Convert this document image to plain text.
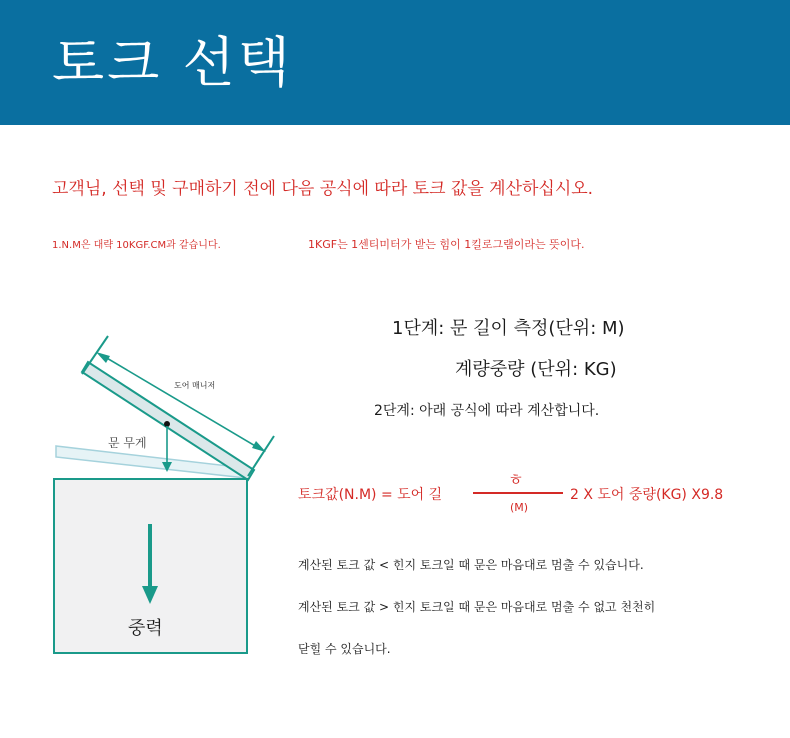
토크 선택
고객님, 선택 및 구매하기 전에 다음 공식에 따라 토크 값을 계산하십시오.
1.N.M은 대략 10KGF.CM과 같습니다.	1KGF는 1센티미터가 받는 힘이 1킬로그램이라는 뜻이다.
도어 매니저
문 무게
중력
1단계: 문 길이 측정(단위: M)
계량중량 (단위: KG)
2단계: 아래 공식에 따라 계산합니다.
토크값(N.M) = 도어 길
ㅎ
(M)
2 X 도어 중량(KG) X9.8
계산된 토크 값 < 힌지 토크일 때 문은 마음대로 멈출 수 있습니다.
계산된 토크 값 > 힌지 토크일 때 문은 마음대로 멈출 수 없고 천천히
닫힐 수 있습니다.
